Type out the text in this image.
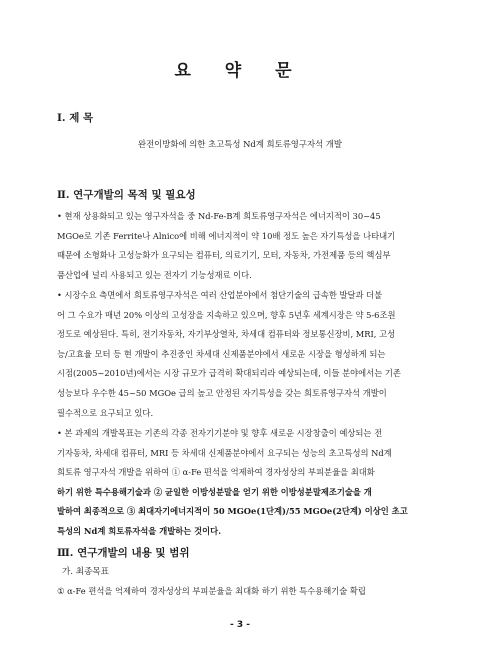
요 약 문
Ⅰ. 제 목
완전이방화에 의한 초고특성 Nd계 희토류영구자석 개발
Ⅱ. 연구개발의 목적 및 필요성
• 현재 상용화되고 있는 영구자석을 중 Nd-Fe-B계 희토류영구자석은 에너지적이 30~45
MGOe로 기존 Ferrite나 Alnico에 비해 에너지적이 약 10배 정도 높은 자기특성을 나타내기
때문에 소형화나 고성능화가 요구되는 컴퓨터, 의료기기, 모터, 자동차, 가전제품 등의 핵심부
품산업에 널리 사용되고 있는 전자기 기능성재료 이다.
• 시장수요 측면에서 희토류영구자석은 여러 산업분야에서 첨단기술의 급속한 발달과 더불
어 그 수요가 매년 20% 이상의 고성장을 지속하고 있으며, 향후 5년후 세계시장은 약 5-6조원
정도로 예상된다. 특히, 전기자동차, 자기부상열차, 차세대 컴퓨터와 정보통신장비, MRI, 고성
능/고효율 모터 등 현 개발이 추진중인 차세대 신제품분야에서 새로운 시장을 형성하게 되는
시점(2005~2010년)에서는 시장 규모가 급격히 확대되리라 예상되는데, 이들 분야에서는 기존
성능보다 우수한 45~50 MGOe 급의 높고 안정된 자기특성을 갖는 희토류영구자석 개발이
필수적으로 요구되고 있다.
• 본 과제의 개발목표는 기존의 각종 전자기기분야 및 향후 새로운 시장창출이 예상되는 전
기자동차, 차세대 컴퓨터, MRI 등 차세대 신제품분야에서 요구되는 성능의 초고특성의 Nd계
희토류 영구자석 개발을 위하여 ① α-Fe 편석을 억제하여 경자성상의 부피분율을 최대화
하기 위한 특수용해기술과 ② 균일한 이방성분말을 얻기 위한 이방성분말제조기술을 개
발하여 최종적으로 ③ 최대자기에너지적이 50 MGOe(1단계)/55 MGOe(2단계) 이상인 초고
특성의 Nd계 희토류자석을 개발하는 것이다.
Ⅲ. 연구개발의 내용 및 범위
가. 최종목표
① α-Fe 편석을 억제하여 경자성상의 부피분율을 최대화 하기 위한 특수용해기술 확립
- 3 -
